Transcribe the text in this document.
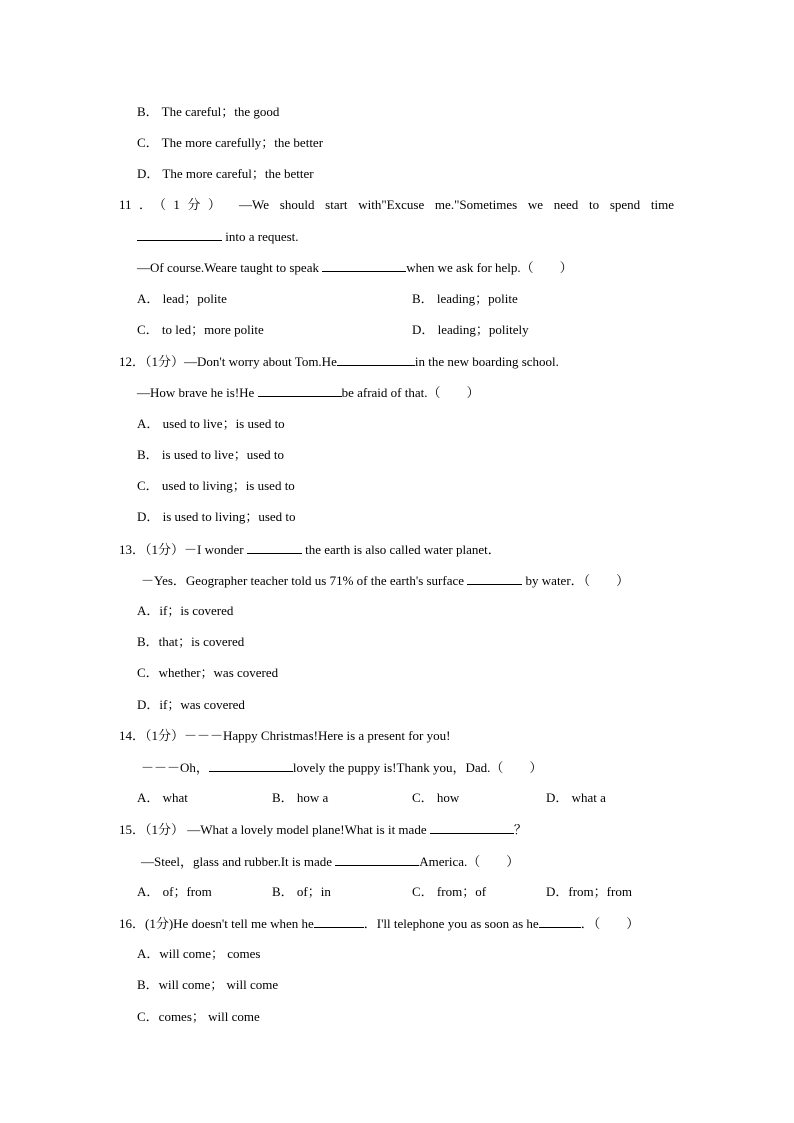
B． The careful；the good
C． The more carefully；the better
D． The more careful；the better
11．（1分） —We should start with"Excuse me."Sometimes we need to spend time
into a request.
—Of course.Weare taught to speak	when we ask for help.（　　）
A． lead；polite	B． leading；polite
C． to led；more polite	D． leading；politely
12．（1分）—Don't worry about Tom.He	in the new boarding school.
—How brave he is!He	be afraid of that.（　　）
A． used to live；is used to
B． is used to live；used to
C． used to living；is used to
D． is used to living；used to
13．（1分）－I wonder	the earth is also called water planet．
－Yes．Geographer teacher told us 71% of the earth's surface	by water．（　　）
A．if；is covered
B．that；is covered
C．whether；was covered
D．if；was covered
14．（1分）－－－Happy Christmas!Here is a present for you!
－－－Oh，	lovely the puppy is!Thank you，Dad.（　　）
A． what	B． how a	C． how	D． what a
15．（1分） —What a lovely model plane!What is it made	？
—Steel，glass and rubber.It is made	America.（　　）
A． of；from	B． of；in	C． from；of	D．from；from
16．(1分)He doesn't tell me when he	．I'll telephone you as soon as he	．（　　）
A．will come； comes
B．will come； will come
C．comes； will come
